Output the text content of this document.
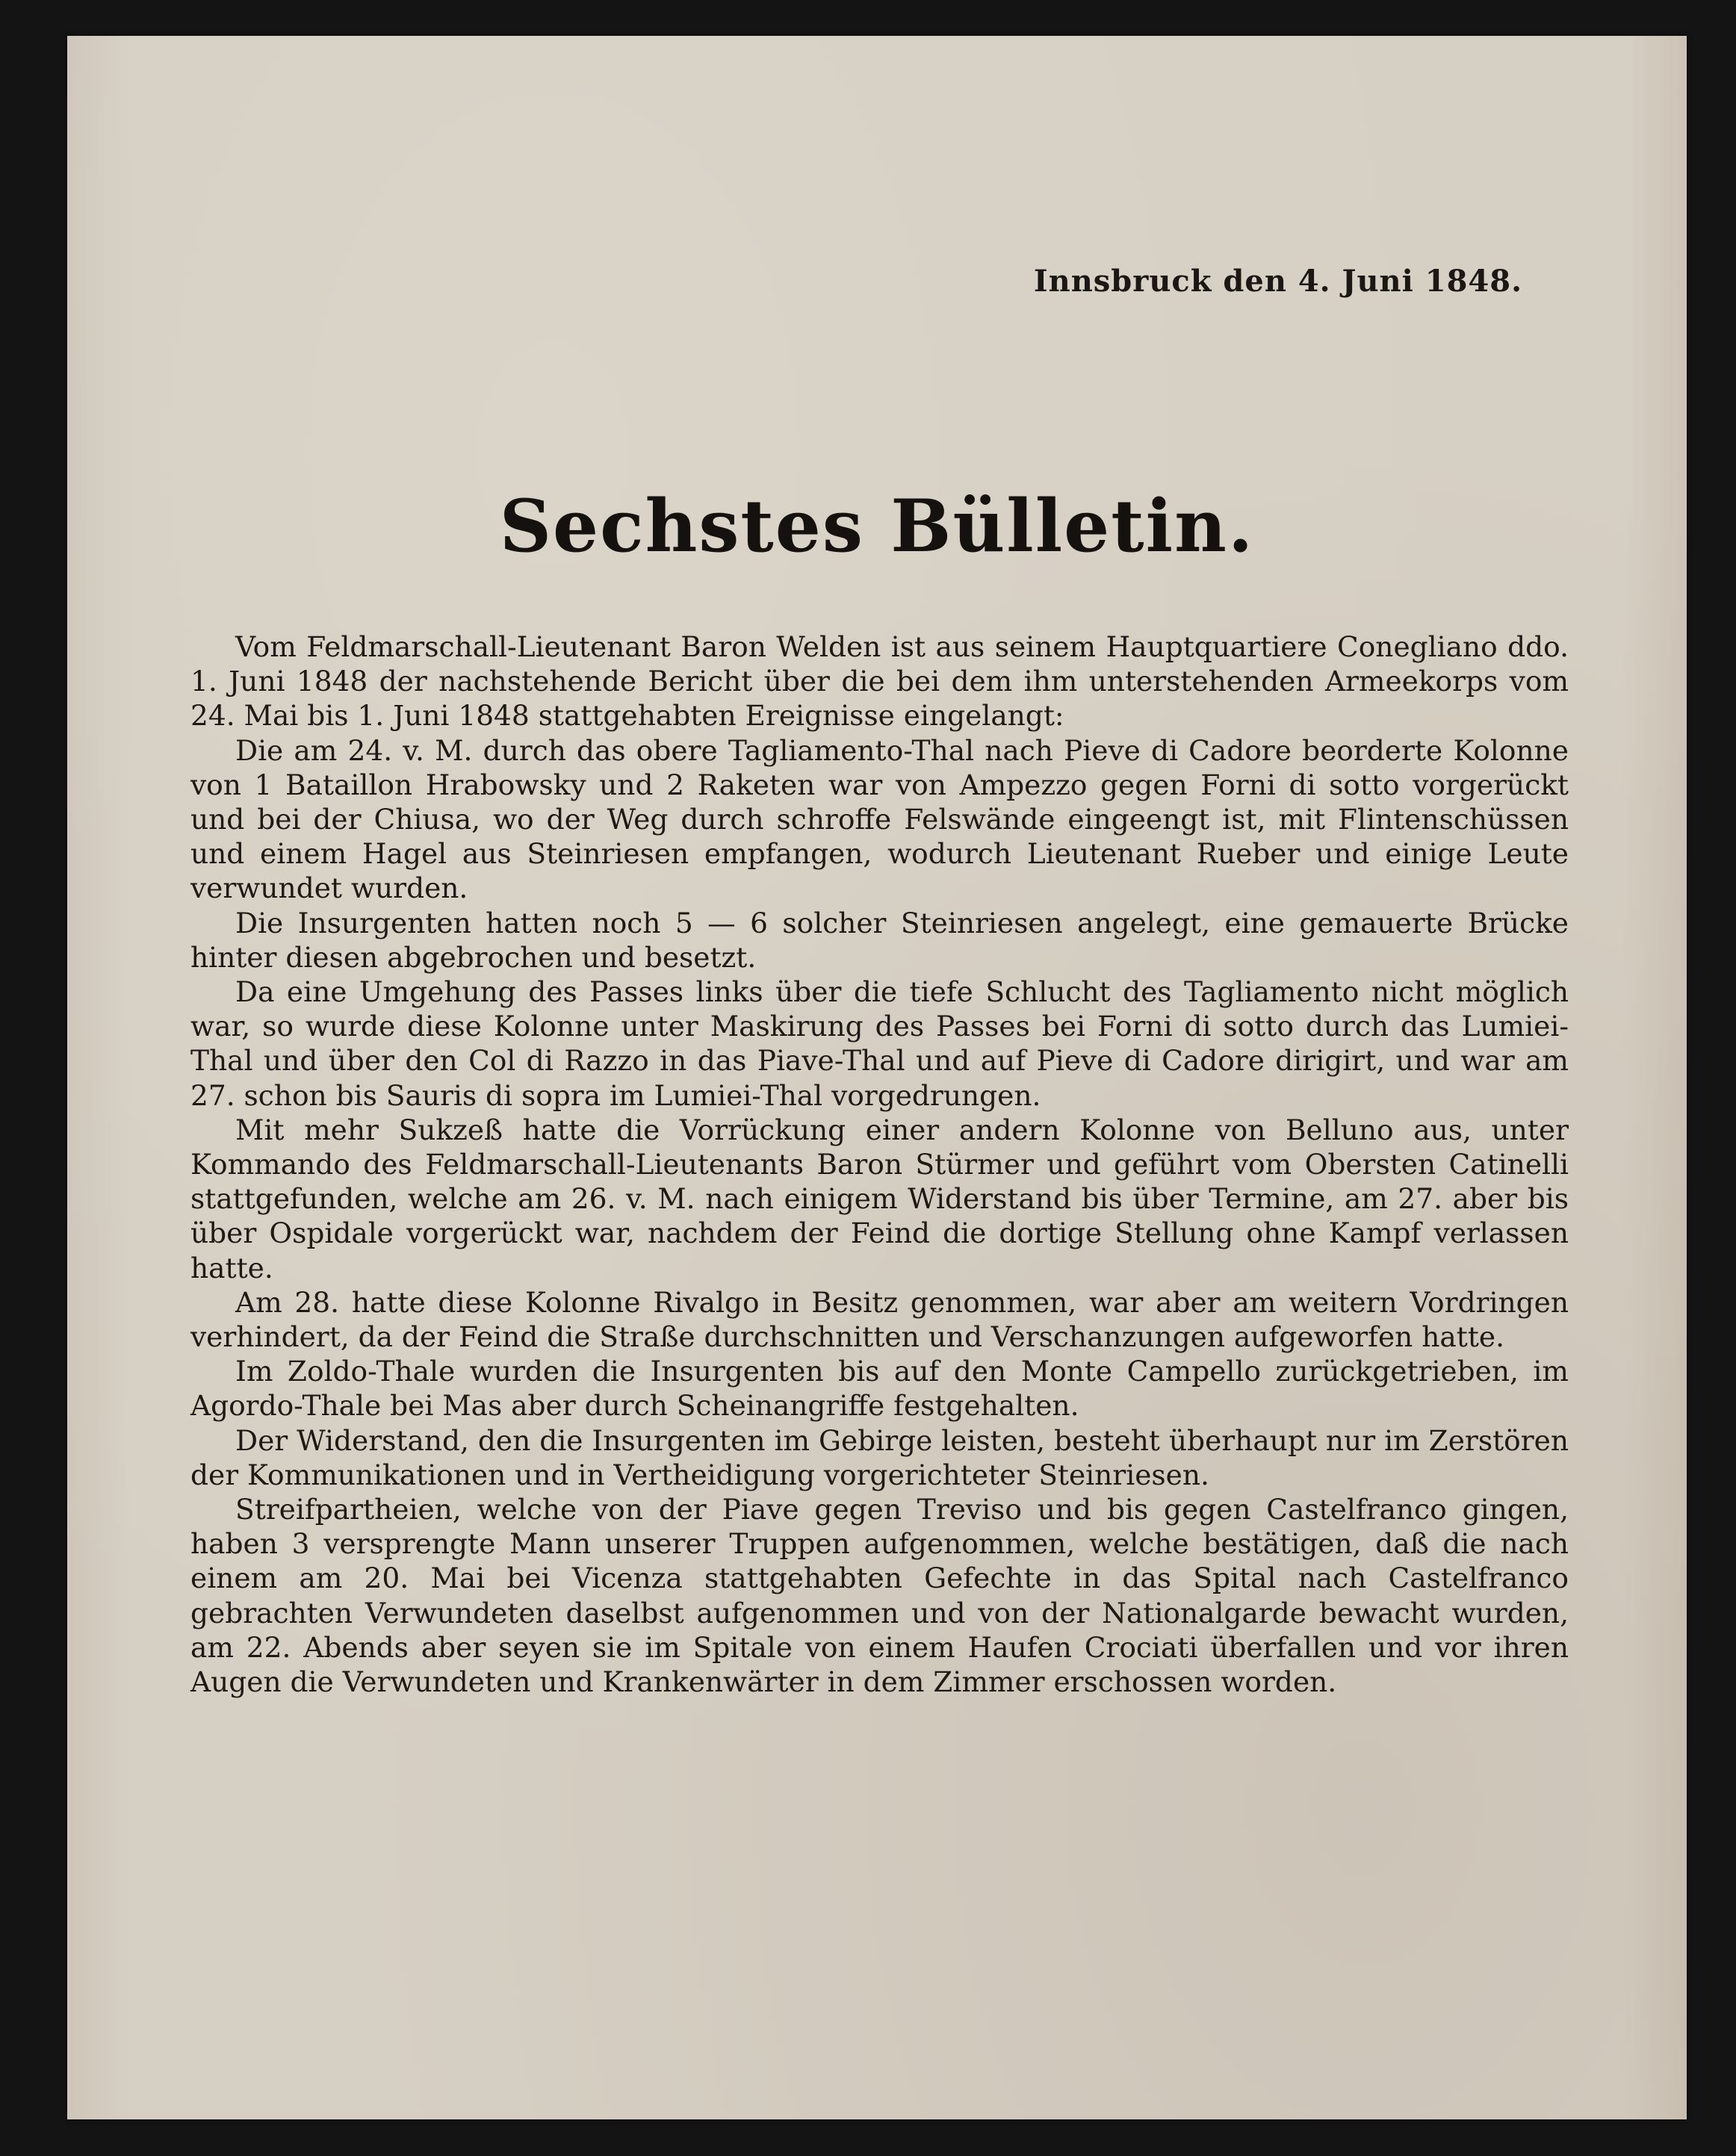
Innsbruck den 4. Juni 1848.
Sechstes Bülletin.

Vom Feldmarschall-Lieutenant Baron Welden ist aus seinem Hauptquartiere Conegliano ddo. 1. Juni 1848 der nachstehende Bericht über die bei dem ihm unterstehenden Armeekorps vom 24. Mai bis 1. Juni 1848 stattgehabten Ereignisse eingelangt:

Die am 24. v. M. durch das obere Tagliamento-Thal nach Pieve di Cadore beorderte Kolonne von 1 Bataillon Hrabowsky und 2 Raketen war von Ampezzo gegen Forni di sotto vorgerückt und bei der Chiusa, wo der Weg durch schroffe Felswände eingeengt ist, mit Flintenschüssen und einem Hagel aus Steinriesen empfangen, wodurch Lieutenant Rueber und einige Leute verwundet wurden.

Die Insurgenten hatten noch 5 — 6 solcher Steinriesen angelegt, eine gemauerte Brücke hinter diesen abgebrochen und besetzt.

Da eine Umgehung des Passes links über die tiefe Schlucht des Tagliamento nicht möglich war, so wurde diese Kolonne unter Maskirung des Passes bei Forni di sotto durch das Lumiei-Thal und über den Col di Razzo in das Piave-Thal und auf Pieve di Cadore dirigirt, und war am 27. schon bis Sauris di sopra im Lumiei-Thal vorgedrungen.

Mit mehr Sukzeß hatte die Vorrückung einer andern Kolonne von Belluno aus, unter Kommando des Feldmarschall-Lieutenants Baron Stürmer und geführt vom Obersten Catinelli stattgefunden, welche am 26. v. M. nach einigem Widerstand bis über Termine, am 27. aber bis über Ospidale vorgerückt war, nachdem der Feind die dortige Stellung ohne Kampf verlassen hatte.

Am 28. hatte diese Kolonne Rivalgo in Besitz genommen, war aber am weitern Vordringen verhindert, da der Feind die Straße durchschnitten und Verschanzungen aufgeworfen hatte.

Im Zoldo-Thale wurden die Insurgenten bis auf den Monte Campello zurückgetrieben, im Agordo-Thale bei Mas aber durch Scheinangriffe festgehalten.

Der Widerstand, den die Insurgenten im Gebirge leisten, besteht überhaupt nur im Zerstören der Kommunikationen und in Vertheidigung vorgerichteter Steinriesen.

Streifpartheien, welche von der Piave gegen Treviso und bis gegen Castelfranco gingen, haben 3 versprengte Mann unserer Truppen aufgenommen, welche bestätigen, daß die nach einem am 20. Mai bei Vicenza stattgehabten Gefechte in das Spital nach Castelfranco gebrachten Verwundeten daselbst aufgenommen und von der Nationalgarde bewacht wurden, am 22. Abends aber seyen sie im Spitale von einem Haufen Crociati überfallen und vor ihren Augen die Verwundeten und Krankenwärter in dem Zimmer erschossen worden.
